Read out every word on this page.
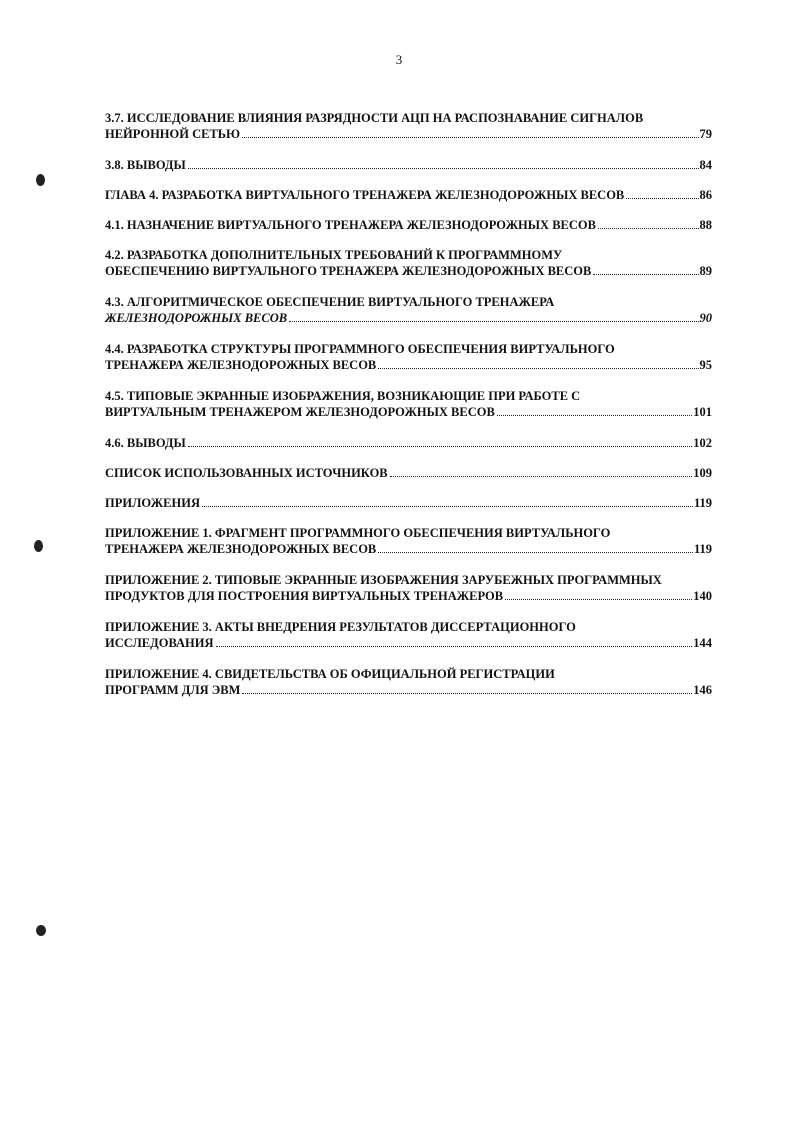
3
3.7. ИССЛЕДОВАНИЕ ВЛИЯНИЯ РАЗРЯДНОСТИ АЦП НА РАСПОЗНАВАНИЕ СИГНАЛОВ
НЕЙРОННОЙ СЕТЬЮ	79
3.8. ВЫВОДЫ	84
ГЛАВА 4. РАЗРАБОТКА ВИРТУАЛЬНОГО ТРЕНАЖЕРА ЖЕЛЕЗНОДОРОЖНЫХ ВЕСОВ	86
4.1. НАЗНАЧЕНИЕ ВИРТУАЛЬНОГО ТРЕНАЖЕРА ЖЕЛЕЗНОДОРОЖНЫХ ВЕСОВ	88
4.2. РАЗРАБОТКА ДОПОЛНИТЕЛЬНЫХ ТРЕБОВАНИЙ К ПРОГРАММНОМУ
ОБЕСПЕЧЕНИЮ ВИРТУАЛЬНОГО ТРЕНАЖЕРА ЖЕЛЕЗНОДОРОЖНЫХ ВЕСОВ	89
4.3. АЛГОРИТМИЧЕСКОЕ ОБЕСПЕЧЕНИЕ ВИРТУАЛЬНОГО ТРЕНАЖЕРА
ЖЕЛЕЗНОДОРОЖНЫХ ВЕСОВ	90
4.4. РАЗРАБОТКА СТРУКТУРЫ ПРОГРАММНОГО ОБЕСПЕЧЕНИЯ ВИРТУАЛЬНОГО
ТРЕНАЖЕРА ЖЕЛЕЗНОДОРОЖНЫХ ВЕСОВ	95
4.5. ТИПОВЫЕ ЭКРАННЫЕ ИЗОБРАЖЕНИЯ, ВОЗНИКАЮЩИЕ ПРИ РАБОТЕ С
ВИРТУАЛЬНЫМ ТРЕНАЖЕРОМ ЖЕЛЕЗНОДОРОЖНЫХ ВЕСОВ	101
4.6. ВЫВОДЫ	102
СПИСОК ИСПОЛЬЗОВАННЫХ ИСТОЧНИКОВ	109
ПРИЛОЖЕНИЯ	119
ПРИЛОЖЕНИЕ 1. ФРАГМЕНТ ПРОГРАММНОГО ОБЕСПЕЧЕНИЯ ВИРТУАЛЬНОГО
ТРЕНАЖЕРА ЖЕЛЕЗНОДОРОЖНЫХ ВЕСОВ	119
ПРИЛОЖЕНИЕ 2. ТИПОВЫЕ ЭКРАННЫЕ ИЗОБРАЖЕНИЯ ЗАРУБЕЖНЫХ ПРОГРАММНЫХ
ПРОДУКТОВ ДЛЯ ПОСТРОЕНИЯ ВИРТУАЛЬНЫХ ТРЕНАЖЕРОВ	140
ПРИЛОЖЕНИЕ 3. АКТЫ ВНЕДРЕНИЯ РЕЗУЛЬТАТОВ ДИССЕРТАЦИОННОГО
ИССЛЕДОВАНИЯ	144
ПРИЛОЖЕНИЕ 4. СВИДЕТЕЛЬСТВА ОБ ОФИЦИАЛЬНОЙ РЕГИСТРАЦИИ
ПРОГРАММ ДЛЯ ЭВМ	146
